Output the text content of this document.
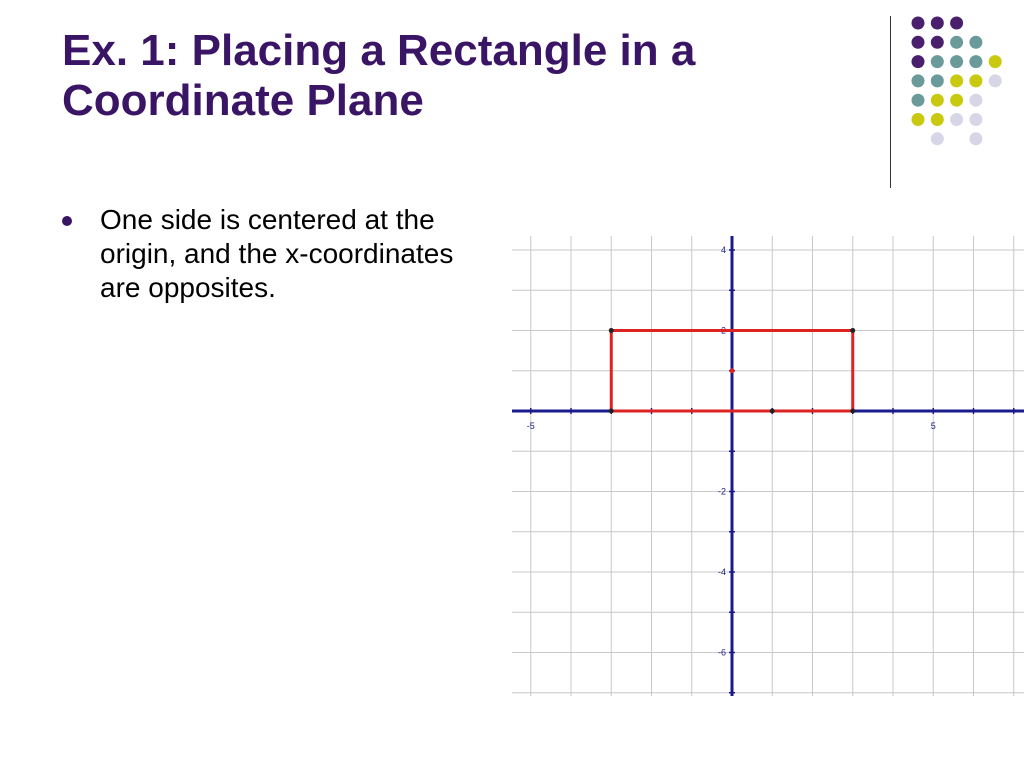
Ex. 1: Placing a Rectangle in a
Coordinate Plane
One side is centered at the origin, and the x-coordinates are opposites.
-5	5
4
2
-2
-4
-6
